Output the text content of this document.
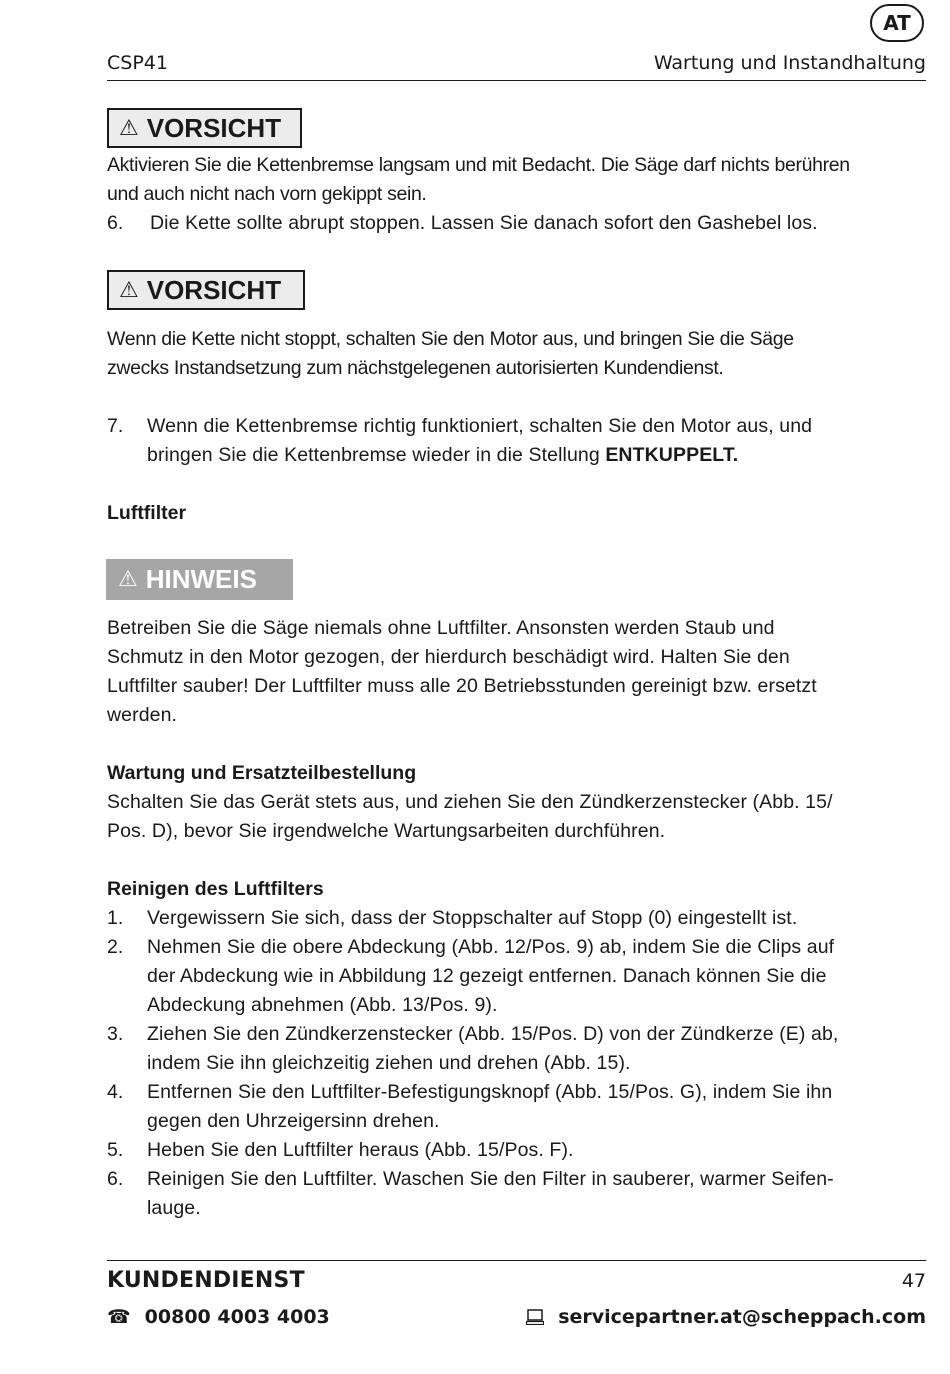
AT
CSP41	Wartung und Instandhaltung
⚠ VORSICHT
Aktivieren Sie die Kettenbremse langsam und mit Bedacht. Die Säge darf nichts berühren
und auch nicht nach vorn gekippt sein.
6. Die Kette sollte abrupt stoppen. Lassen Sie danach sofort den Gashebel los.
⚠ VORSICHT
Wenn die Kette nicht stoppt, schalten Sie den Motor aus, und bringen Sie die Säge
zwecks Instandsetzung zum nächstgelegenen autorisierten Kundendienst.
7. Wenn die Kettenbremse richtig funktioniert, schalten Sie den Motor aus, und
bringen Sie die Kettenbremse wieder in die Stellung ENTKUPPELT.
Luftfilter
⚠ HINWEIS
Betreiben Sie die Säge niemals ohne Luftfilter. Ansonsten werden Staub und
Schmutz in den Motor gezogen, der hierdurch beschädigt wird. Halten Sie den
Luftfilter sauber! Der Luftfilter muss alle 20 Betriebsstunden gereinigt bzw. ersetzt
werden.
Wartung und Ersatzteilbestellung
Schalten Sie das Gerät stets aus, und ziehen Sie den Zündkerzenstecker (Abb. 15/
Pos. D), bevor Sie irgendwelche Wartungsarbeiten durchführen.
Reinigen des Luftfilters
1. Vergewissern Sie sich, dass der Stoppschalter auf Stopp (0) eingestellt ist.
2. Nehmen Sie die obere Abdeckung (Abb. 12/Pos. 9) ab, indem Sie die Clips auf
der Abdeckung wie in Abbildung 12 gezeigt entfernen. Danach können Sie die
Abdeckung abnehmen (Abb. 13/Pos. 9).
3. Ziehen Sie den Zündkerzenstecker (Abb. 15/Pos. D) von der Zündkerze (E) ab,
indem Sie ihn gleichzeitig ziehen und drehen (Abb. 15).
4. Entfernen Sie den Luftfilter-Befestigungsknopf (Abb. 15/Pos. G), indem Sie ihn
gegen den Uhrzeigersinn drehen.
5. Heben Sie den Luftfilter heraus (Abb. 15/Pos. F).
6. Reinigen Sie den Luftfilter. Waschen Sie den Filter in sauberer, warmer Seifen-
lauge.
KUNDENDIENST	47
☎ 00800 4003 4003	servicepartner.at@scheppach.com
